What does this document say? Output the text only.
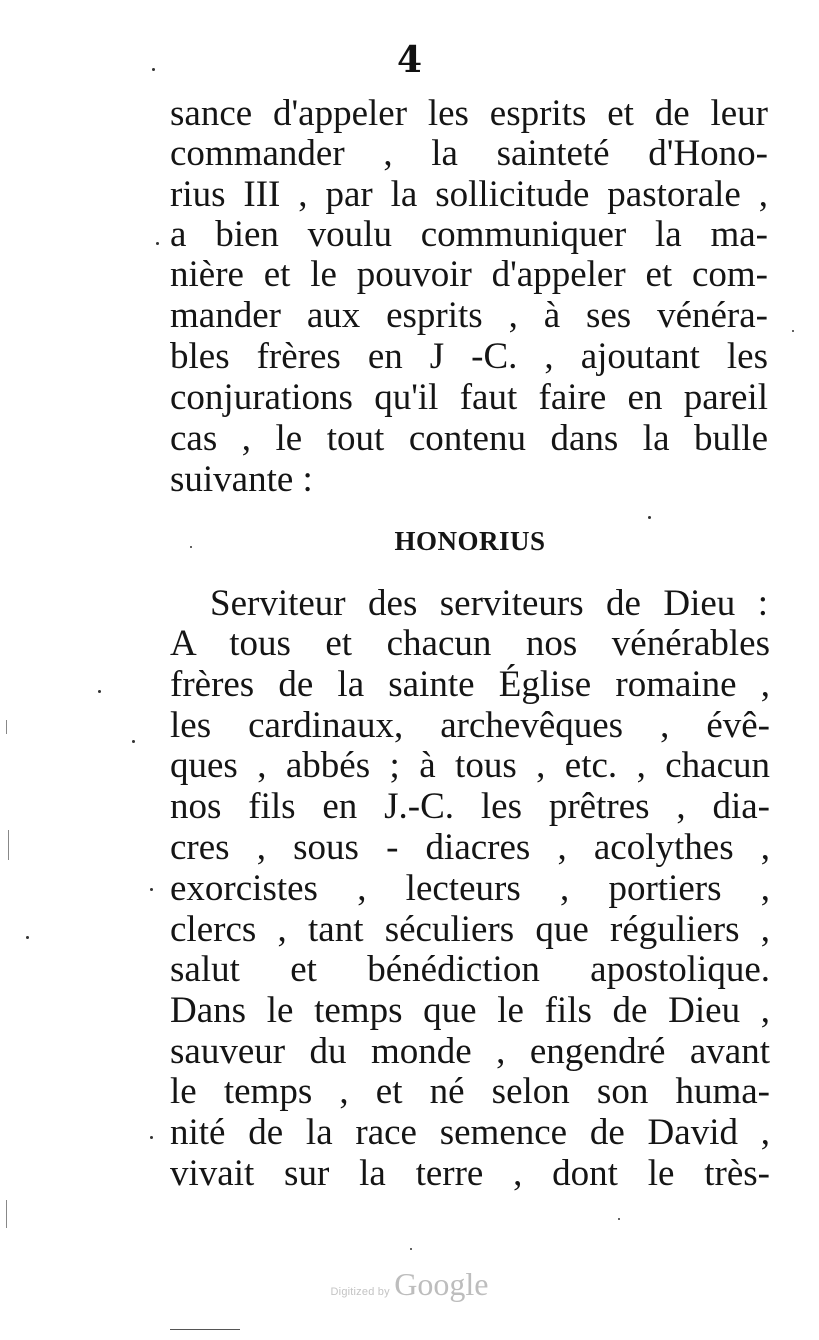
4
sance d'appeler les esprits et de leur
commander , la sainteté d'Hono-
rius III , par la sollicitude pastorale ,
a bien voulu communiquer la ma-
nière et le pouvoir d'appeler et com-
mander aux esprits , à ses vénéra-
bles frères en J -C. , ajoutant les
conjurations qu'il faut faire en pareil
cas , le tout contenu dans la bulle
suivante :
HONORIUS
Serviteur des serviteurs de Dieu :
A tous et chacun nos vénérables
frères de la sainte Église romaine ,
les cardinaux, archevêques , évê-
ques , abbés ; à tous , etc. , chacun
nos fils en J.-C. les prêtres , dia-
cres , sous - diacres , acolythes ,
exorcistes , lecteurs , portiers ,
clercs , tant séculiers que réguliers ,
salut et bénédiction apostolique.
Dans le temps que le fils de Dieu ,
sauveur du monde , engendré avant
le temps , et né selon son huma-
nité de la race semence de David ,
vivait sur la terre , dont le très-
Digitized by Google
